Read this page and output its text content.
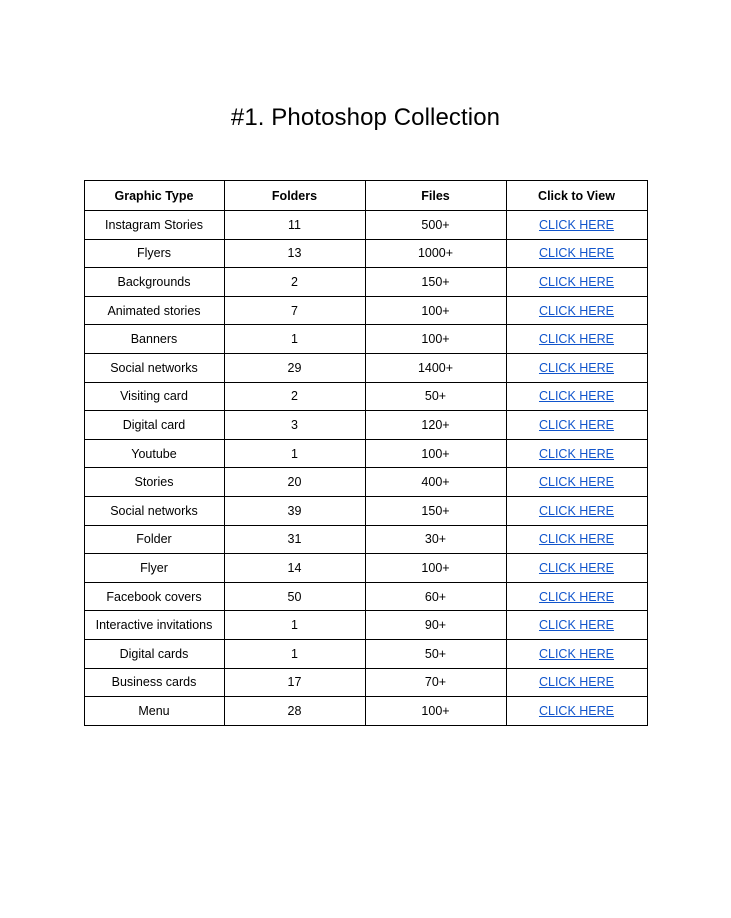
#1. Photoshop Collection
Graphic Type	Folders	Files	Click to View
Instagram Stories	11	500+	CLICK HERE
Flyers	13	1000+	CLICK HERE
Backgrounds	2	150+	CLICK HERE
Animated stories	7	100+	CLICK HERE
Banners	1	100+	CLICK HERE
Social networks	29	1400+	CLICK HERE
Visiting card	2	50+	CLICK HERE
Digital card	3	120+	CLICK HERE
Youtube	1	100+	CLICK HERE
Stories	20	400+	CLICK HERE
Social networks	39	150+	CLICK HERE
Folder	31	30+	CLICK HERE
Flyer	14	100+	CLICK HERE
Facebook covers	50	60+	CLICK HERE
Interactive invitations	1	90+	CLICK HERE
Digital cards	1	50+	CLICK HERE
Business cards	17	70+	CLICK HERE
Menu	28	100+	CLICK HERE
